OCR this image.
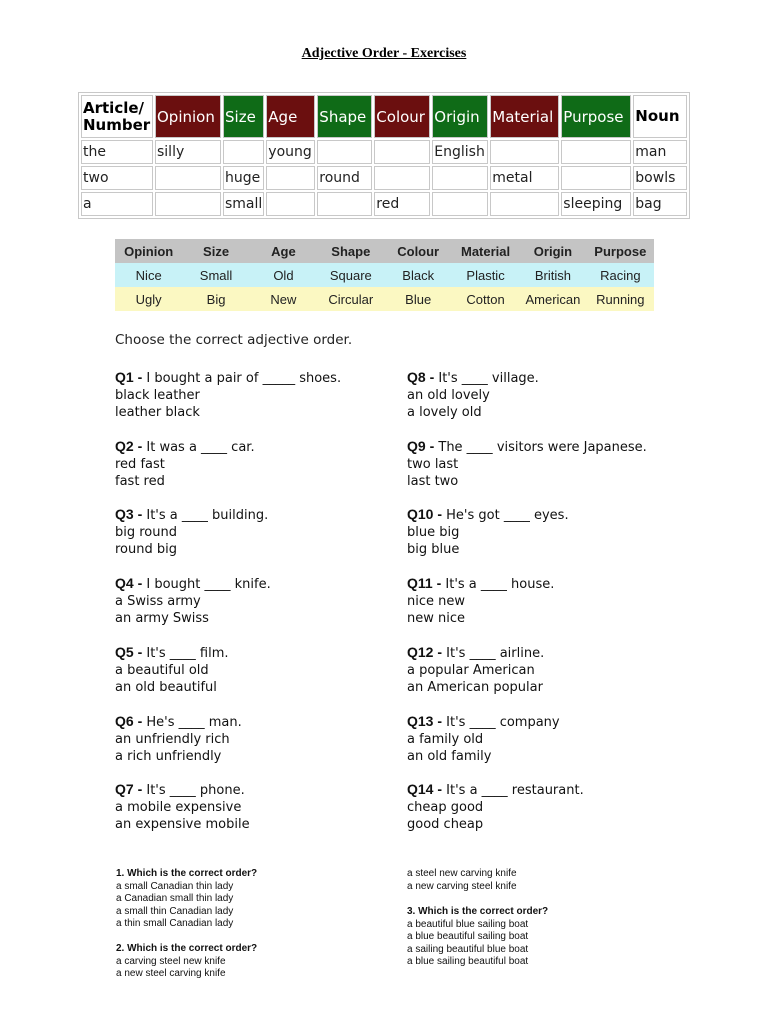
Adjective Order - Exercises
Article/ Number	Opinion	Size	Age	Shape	Colour	Origin	Material	Purpose	Noun
the	silly		young			English			man
two		huge		round			metal		bowls
a		small			red			sleeping	bag
Opinion	Size	Age	Shape	Colour	Material	Origin	Purpose
Nice	Small	Old	Square	Black	Plastic	British	Racing
Ugly	Big	New	Circular	Blue	Cotton	American	Running
Choose the correct adjective order.
Q1 - I bought a pair of _____ shoes.
black leather
leather black
Q2 - It was a ____ car.
red fast
fast red
Q3 - It's a ____ building.
big round
round big
Q4 - I bought ____ knife.
a Swiss army
an army Swiss
Q5 - It's ____ film.
a beautiful old
an old beautiful
Q6 - He's ____ man.
an unfriendly rich
a rich unfriendly
Q7 - It's ____ phone.
a mobile expensive
an expensive mobile
Q8 - It's ____ village.
an old lovely
a lovely old
Q9 - The ____ visitors were Japanese.
two last
last two
Q10 - He's got ____ eyes.
blue big
big blue
Q11 - It's a ____ house.
nice new
new nice
Q12 - It's ____ airline.
a popular American
an American popular
Q13 - It's ____ company
a family old
an old family
Q14 - It's a ____ restaurant.
cheap good
good cheap
1. Which is the correct order?
a small Canadian thin lady
a Canadian small thin lady
a small thin Canadian lady
a thin small Canadian lady
2. Which is the correct order?
a carving steel new knife
a new steel carving knife
a steel new carving knife
a new carving steel knife
3. Which is the correct order?
a beautiful blue sailing boat
a blue beautiful sailing boat
a sailing beautiful blue boat
a blue sailing beautiful boat
